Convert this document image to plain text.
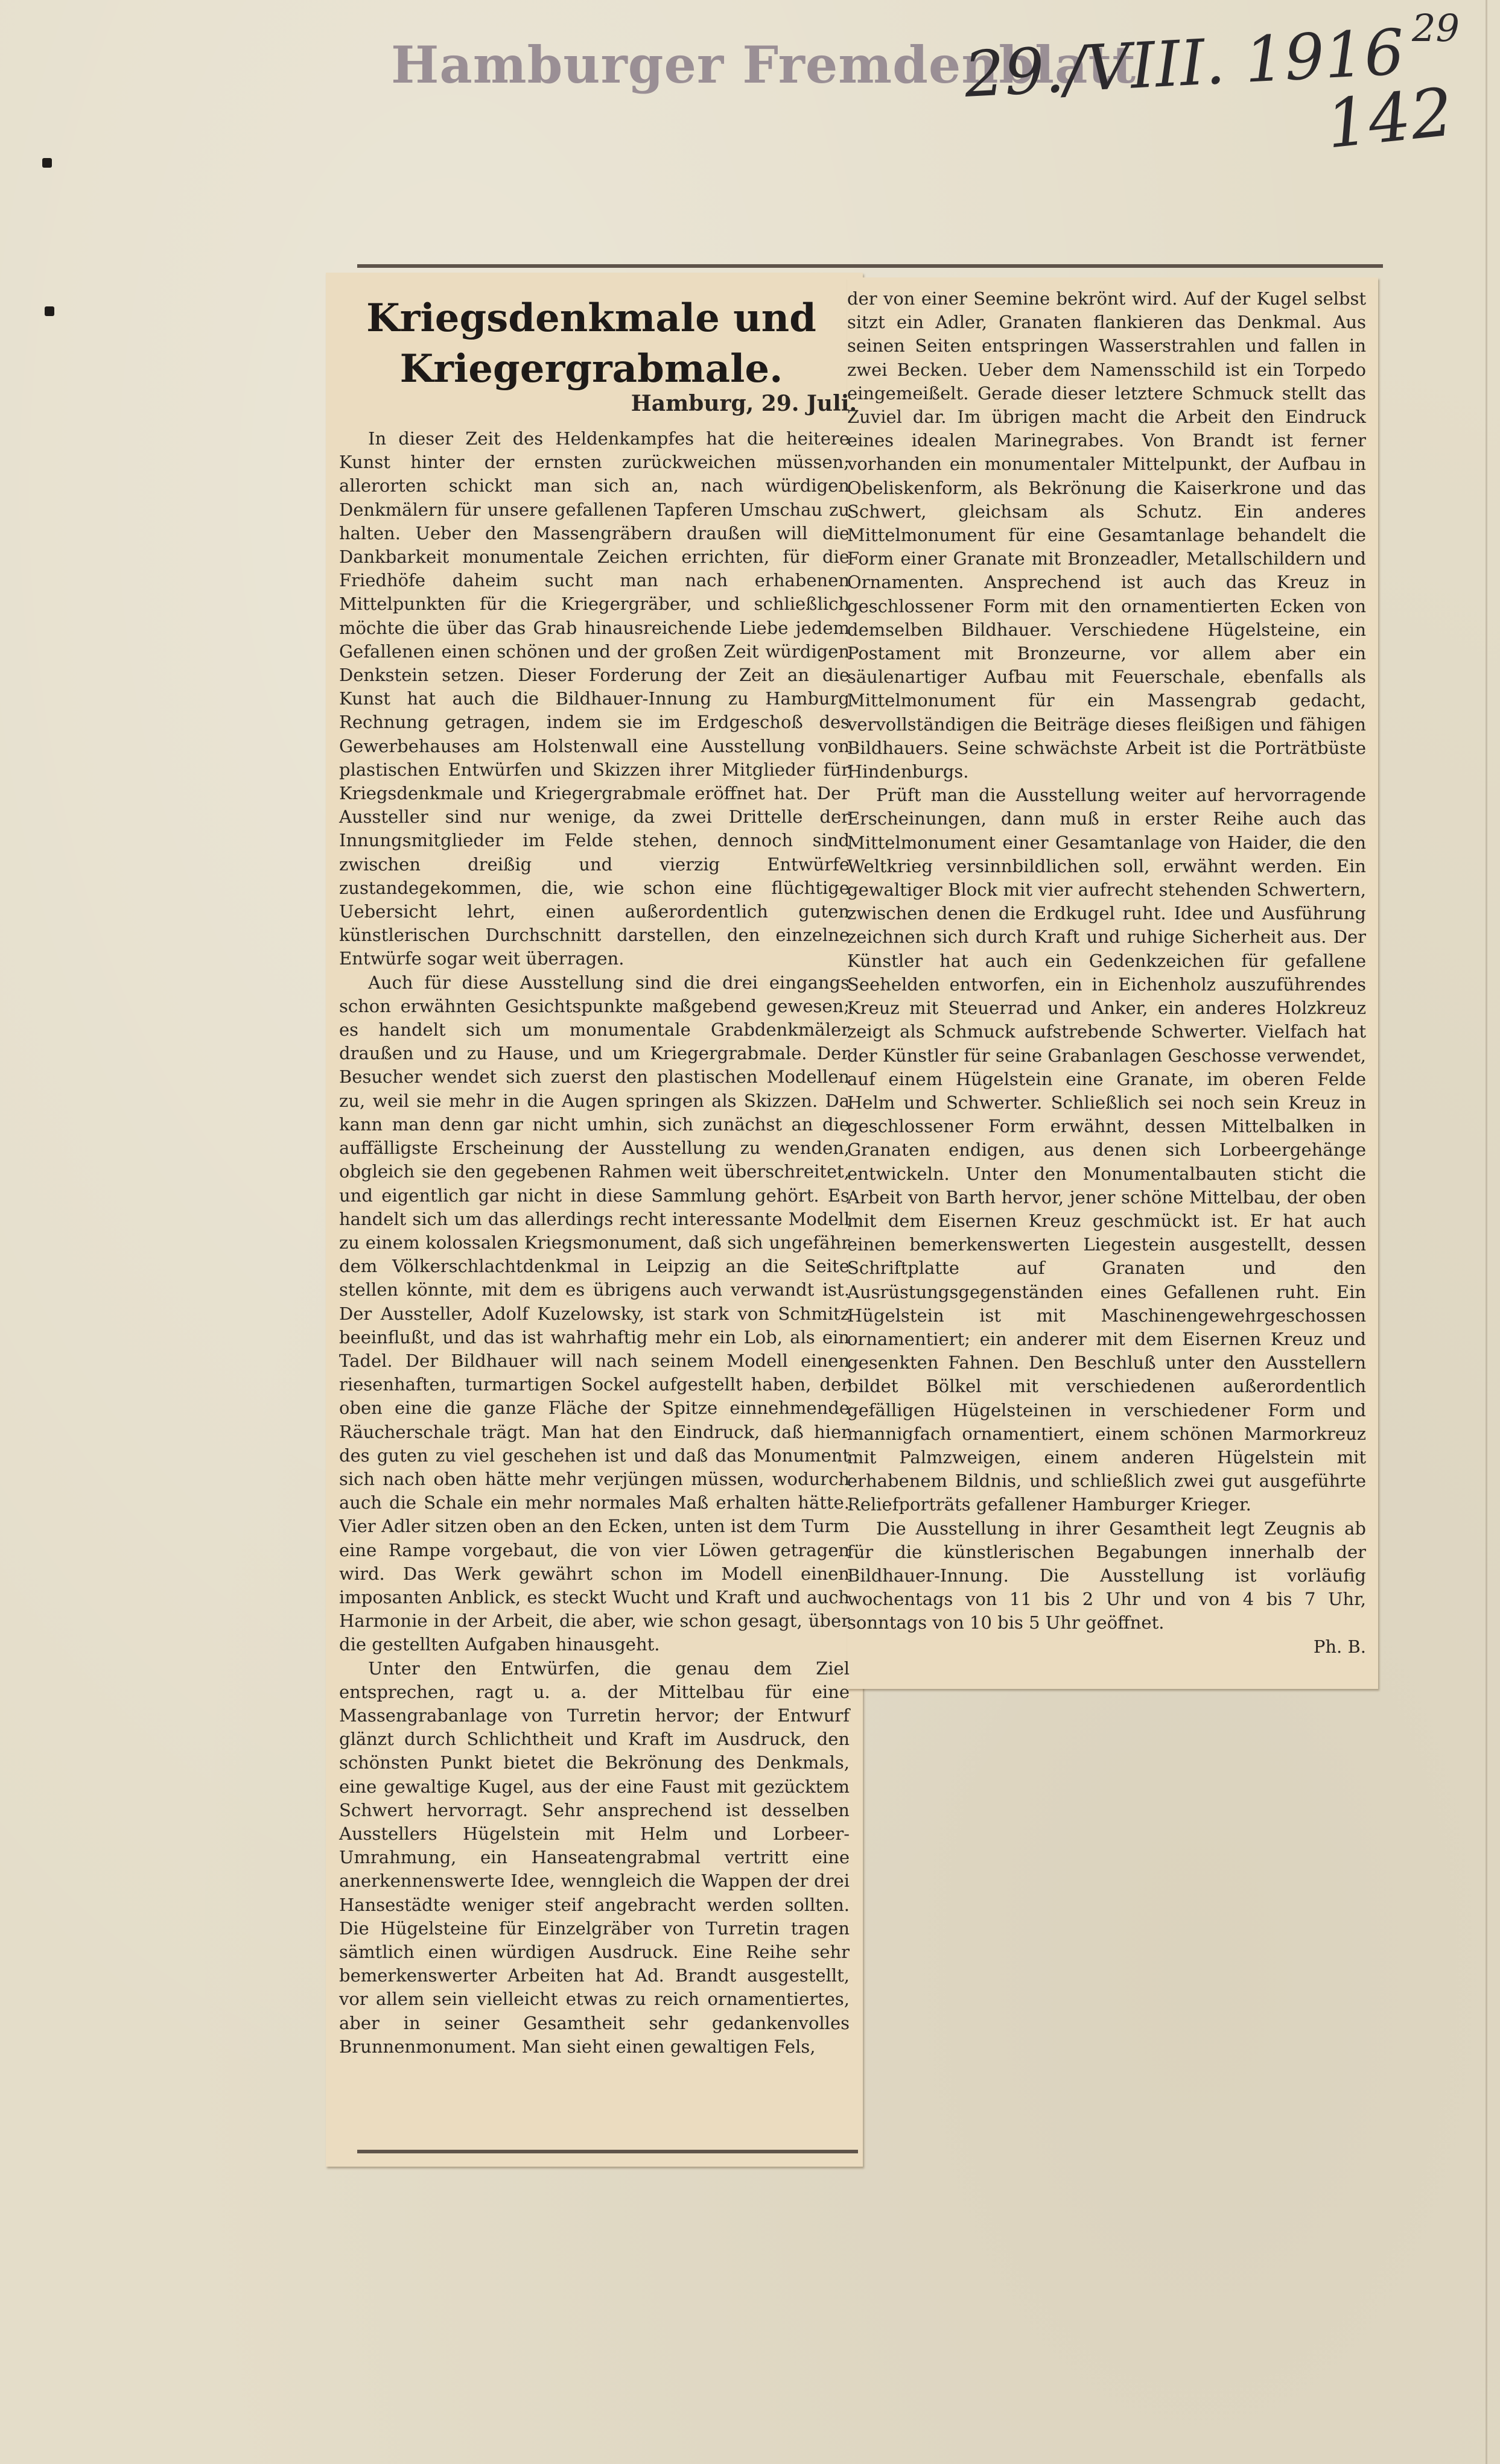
Hamburger Fremdenblatt
29./VIII. 1916 29
142
Kriegsdenkmale und Kriegergrabmale.
Hamburg, 29. Juli.

In dieser Zeit des Heldenkampfes hat die heitere Kunst hinter der ernsten zurückweichen müssen; allerorten schickt man sich an, nach würdigen Denkmälern für unsere gefallenen Tapferen Umschau zu halten. Ueber den Massengräbern draußen will die Dankbarkeit monumentale Zeichen errichten, für die Friedhöfe daheim sucht man nach erhabenen Mittelpunkten für die Kriegergräber, und schließlich möchte die über das Grab hinausreichende Liebe jedem Gefallenen einen schönen und der großen Zeit würdigen Denkstein setzen. Dieser Forderung der Zeit an die Kunst hat auch die Bildhauer-Innung zu Hamburg Rechnung getragen, indem sie im Erdgeschoß des Gewerbehauses am Holstenwall eine Ausstellung von plastischen Entwürfen und Skizzen ihrer Mitglieder für Kriegsdenkmale und Kriegergrabmale eröffnet hat. Der Aussteller sind nur wenige, da zwei Drittelle der Innungsmitglieder im Felde stehen, dennoch sind zwischen dreißig und vierzig Entwürfe zustandegekommen, die, wie schon eine flüchtige Uebersicht lehrt, einen außerordentlich guten künstlerischen Durchschnitt darstellen, den einzelne Entwürfe sogar weit überragen.

Auch für diese Ausstellung sind die drei eingangs schon erwähnten Gesichtspunkte maßgebend gewesen; es handelt sich um monumentale Grabdenkmäler draußen und zu Hause, und um Kriegergrabmale. Der Besucher wendet sich zuerst den plastischen Modellen zu, weil sie mehr in die Augen springen als Skizzen. Da kann man denn gar nicht umhin, sich zunächst an die auffälligste Erscheinung der Ausstellung zu wenden, obgleich sie den gegebenen Rahmen weit überschreitet, und eigentlich gar nicht in diese Sammlung gehört. Es handelt sich um das allerdings recht interessante Modell zu einem kolossalen Kriegsmonument, daß sich ungefähr dem Völkerschlachtdenkmal in Leipzig an die Seite stellen könnte, mit dem es übrigens auch verwandt ist. Der Aussteller, Adolf Kuzelowsky, ist stark von Schmitz beeinflußt, und das ist wahrhaftig mehr ein Lob, als ein Tadel. Der Bildhauer will nach seinem Modell einen riesenhaften, turmartigen Sockel aufgestellt haben, der oben eine die ganze Fläche der Spitze einnehmende Räucherschale trägt. Man hat den Eindruck, daß hier des guten zu viel geschehen ist und daß das Monument sich nach oben hätte mehr verjüngen müssen, wodurch auch die Schale ein mehr normales Maß erhalten hätte. Vier Adler sitzen oben an den Ecken, unten ist dem Turm eine Rampe vorgebaut, die von vier Löwen getragen wird. Das Werk gewährt schon im Modell einen imposanten Anblick, es steckt Wucht und Kraft und auch Harmonie in der Arbeit, die aber, wie schon gesagt, über die gestellten Aufgaben hinausgeht.

Unter den Entwürfen, die genau dem Ziel entsprechen, ragt u. a. der Mittelbau für eine Massengrabanlage von Turretin hervor; der Entwurf glänzt durch Schlichtheit und Kraft im Ausdruck, den schönsten Punkt bietet die Bekrönung des Denkmals, eine gewaltige Kugel, aus der eine Faust mit gezücktem Schwert hervorragt. Sehr ansprechend ist desselben Ausstellers Hügelstein mit Helm und Lorbeer-Umrahmung, ein Hanseatengrabmal vertritt eine anerkennenswerte Idee, wenngleich die Wappen der drei Hansestädte weniger steif angebracht werden sollten. Die Hügelsteine für Einzelgräber von Turretin tragen sämtlich einen würdigen Ausdruck. Eine Reihe sehr bemerkenswerter Arbeiten hat Ad. Brandt ausgestellt, vor allem sein vielleicht etwas zu reich ornamentiertes, aber in seiner Gesamtheit sehr gedankenvolles Brunnenmonument. Man sieht einen gewaltigen Fels,

der von einer Seemine bekrönt wird. Auf der Kugel selbst sitzt ein Adler, Granaten flankieren das Denkmal. Aus seinen Seiten entspringen Wasserstrahlen und fallen in zwei Becken. Ueber dem Namensschild ist ein Torpedo eingemeißelt. Gerade dieser letztere Schmuck stellt das Zuviel dar. Im übrigen macht die Arbeit den Eindruck eines idealen Marinegrabes. Von Brandt ist ferner vorhanden ein monumentaler Mittelpunkt, der Aufbau in Obeliskenform, als Bekrönung die Kaiserkrone und das Schwert, gleichsam als Schutz. Ein anderes Mittelmonument für eine Gesamtanlage behandelt die Form einer Granate mit Bronzeadler, Metallschildern und Ornamenten. Ansprechend ist auch das Kreuz in geschlossener Form mit den ornamentierten Ecken von demselben Bildhauer. Verschiedene Hügelsteine, ein Postament mit Bronzeurne, vor allem aber ein säulenartiger Aufbau mit Feuerschale, ebenfalls als Mittelmonument für ein Massengrab gedacht, vervollständigen die Beiträge dieses fleißigen und fähigen Bildhauers. Seine schwächste Arbeit ist die Porträtbüste Hindenburgs.

Prüft man die Ausstellung weiter auf hervorragende Erscheinungen, dann muß in erster Reihe auch das Mittelmonument einer Gesamtanlage von Haider, die den Weltkrieg versinnbildlichen soll, erwähnt werden. Ein gewaltiger Block mit vier aufrecht stehenden Schwertern, zwischen denen die Erdkugel ruht. Idee und Ausführung zeichnen sich durch Kraft und ruhige Sicherheit aus. Der Künstler hat auch ein Gedenkzeichen für gefallene Seehelden entworfen, ein in Eichenholz auszuführendes Kreuz mit Steuerrad und Anker, ein anderes Holzkreuz zeigt als Schmuck aufstrebende Schwerter. Vielfach hat der Künstler für seine Grabanlagen Geschosse verwendet, auf einem Hügelstein eine Granate, im oberen Felde Helm und Schwerter. Schließlich sei noch sein Kreuz in geschlossener Form erwähnt, dessen Mittelbalken in Granaten endigen, aus denen sich Lorbeergehänge entwickeln. Unter den Monumentalbauten sticht die Arbeit von Barth hervor, jener schöne Mittelbau, der oben mit dem Eisernen Kreuz geschmückt ist. Er hat auch einen bemerkenswerten Liegestein ausgestellt, dessen Schriftplatte auf Granaten und den Ausrüstungsgegenständen eines Gefallenen ruht. Ein Hügelstein ist mit Maschinengewehrgeschossen ornamentiert; ein anderer mit dem Eisernen Kreuz und gesenkten Fahnen. Den Beschluß unter den Ausstellern bildet Bölkel mit verschiedenen außerordentlich gefälligen Hügelsteinen in verschiedener Form und mannigfach ornamentiert, einem schönen Marmorkreuz mit Palmzweigen, einem anderen Hügelstein mit erhabenem Bildnis, und schließlich zwei gut ausgeführte Reliefporträts gefallener Hamburger Krieger.

Die Ausstellung in ihrer Gesamtheit legt Zeugnis ab für die künstlerischen Begabungen innerhalb der Bildhauer-Innung. Die Ausstellung ist vorläufig wochentags von 11 bis 2 Uhr und von 4 bis 7 Uhr, sonntags von 10 bis 5 Uhr geöffnet.

Ph. B.
